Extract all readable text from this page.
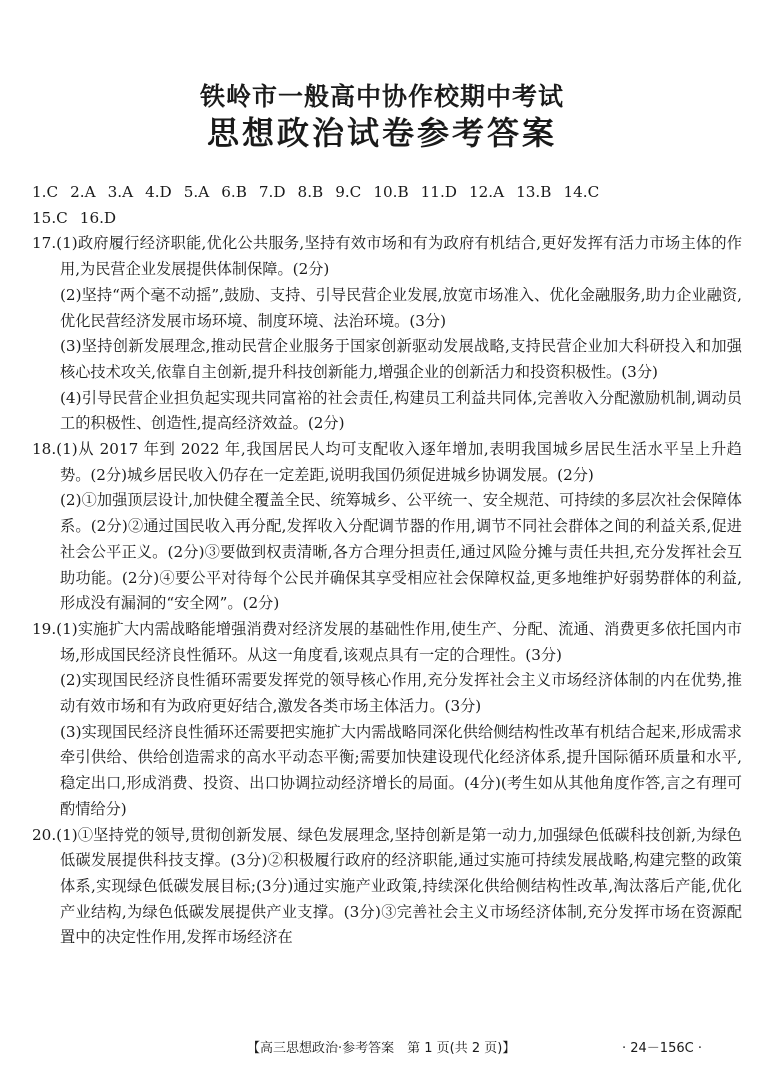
铁岭市一般高中协作校期中考试
思想政治试卷参考答案
1.C 2.A 3.A 4.D 5.A 6.B 7.D 8.B 9.C 10.B 11.D 12.A 13.B 14.C
15.C 16.D

17.(1)政府履行经济职能,优化公共服务,坚持有效市场和有为政府有机结合,更好发挥有活力市场主体的作用,为民营企业发展提供体制保障。(2分)

(2)坚持“两个毫不动摇”,鼓励、支持、引导民营企业发展,放宽市场准入、优化金融服务,助力企业融资,优化民营经济发展市场环境、制度环境、法治环境。(3分)

(3)坚持创新发展理念,推动民营企业服务于国家创新驱动发展战略,支持民营企业加大科研投入和加强核心技术攻关,依靠自主创新,提升科技创新能力,增强企业的创新活力和投资积极性。(3分)

(4)引导民营企业担负起实现共同富裕的社会责任,构建员工利益共同体,完善收入分配激励机制,调动员工的积极性、创造性,提高经济效益。(2分)

18.(1)从 2017 年到 2022 年,我国居民人均可支配收入逐年增加,表明我国城乡居民生活水平呈上升趋势。(2分)城乡居民收入仍存在一定差距,说明我国仍须促进城乡协调发展。(2分)

(2)①加强顶层设计,加快健全覆盖全民、统筹城乡、公平统一、安全规范、可持续的多层次社会保障体系。(2分)②通过国民收入再分配,发挥收入分配调节器的作用,调节不同社会群体之间的利益关系,促进社会公平正义。(2分)③要做到权责清晰,各方合理分担责任,通过风险分摊与责任共担,充分发挥社会互助功能。(2分)④要公平对待每个公民并确保其享受相应社会保障权益,更多地维护好弱势群体的利益,形成没有漏洞的“安全网”。(2分)

19.(1)实施扩大内需战略能增强消费对经济发展的基础性作用,使生产、分配、流通、消费更多依托国内市场,形成国民经济良性循环。从这一角度看,该观点具有一定的合理性。(3分)

(2)实现国民经济良性循环需要发挥党的领导核心作用,充分发挥社会主义市场经济体制的内在优势,推动有效市场和有为政府更好结合,激发各类市场主体活力。(3分)

(3)实现国民经济良性循环还需要把实施扩大内需战略同深化供给侧结构性改革有机结合起来,形成需求牵引供给、供给创造需求的高水平动态平衡;需要加快建设现代化经济体系,提升国际循环质量和水平,稳定出口,形成消费、投资、出口协调拉动经济增长的局面。(4分)(考生如从其他角度作答,言之有理可酌情给分)

20.(1)①坚持党的领导,贯彻创新发展、绿色发展理念,坚持创新是第一动力,加强绿色低碳科技创新,为绿色低碳发展提供科技支撑。(3分)②积极履行政府的经济职能,通过实施可持续发展战略,构建完整的政策体系,实现绿色低碳发展目标;(3分)通过实施产业政策,持续深化供给侧结构性改革,淘汰落后产能,优化产业结构,为绿色低碳发展提供产业支撑。(3分)③完善社会主义市场经济体制,充分发挥市场在资源配置中的决定性作用,发挥市场经济在

【高三思想政治·参考答案　第 1 页(共 2 页)】	· 24－156C ·
